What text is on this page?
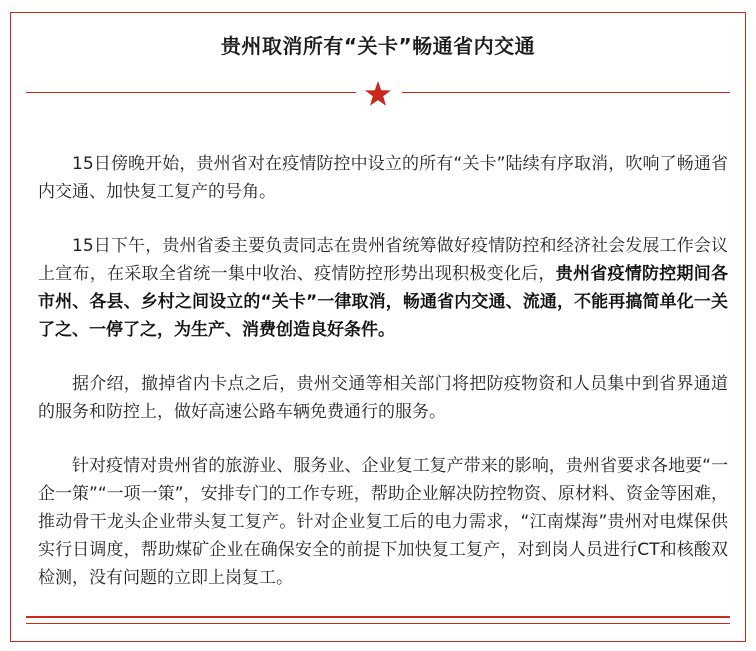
贵州取消所有“关卡”畅通省内交通

15日傍晚开始，贵州省对在疫情防控中设立的所有“关卡”陆续有序取消，吹响了畅通省内交通、加快复工复产的号角。

15日下午，贵州省委主要负责同志在贵州省统筹做好疫情防控和经济社会发展工作会议上宣布，在采取全省统一集中收治、疫情防控形势出现积极变化后，贵州省疫情防控期间各市州、各县、乡村之间设立的“关卡”一律取消，畅通省内交通、流通，不能再搞简单化一关了之、一停了之，为生产、消费创造良好条件。

据介绍，撤掉省内卡点之后，贵州交通等相关部门将把防疫物资和人员集中到省界通道的服务和防控上，做好高速公路车辆免费通行的服务。

针对疫情对贵州省的旅游业、服务业、企业复工复产带来的影响，贵州省要求各地要“一企一策”“一项一策”，安排专门的工作专班，帮助企业解决防控物资、原材料、资金等困难，推动骨干龙头企业带头复工复产。针对企业复工后的电力需求，“江南煤海”贵州对电煤保供实行日调度，帮助煤矿企业在确保安全的前提下加快复工复产，对到岗人员进行CT和核酸双检测，没有问题的立即上岗复工。
